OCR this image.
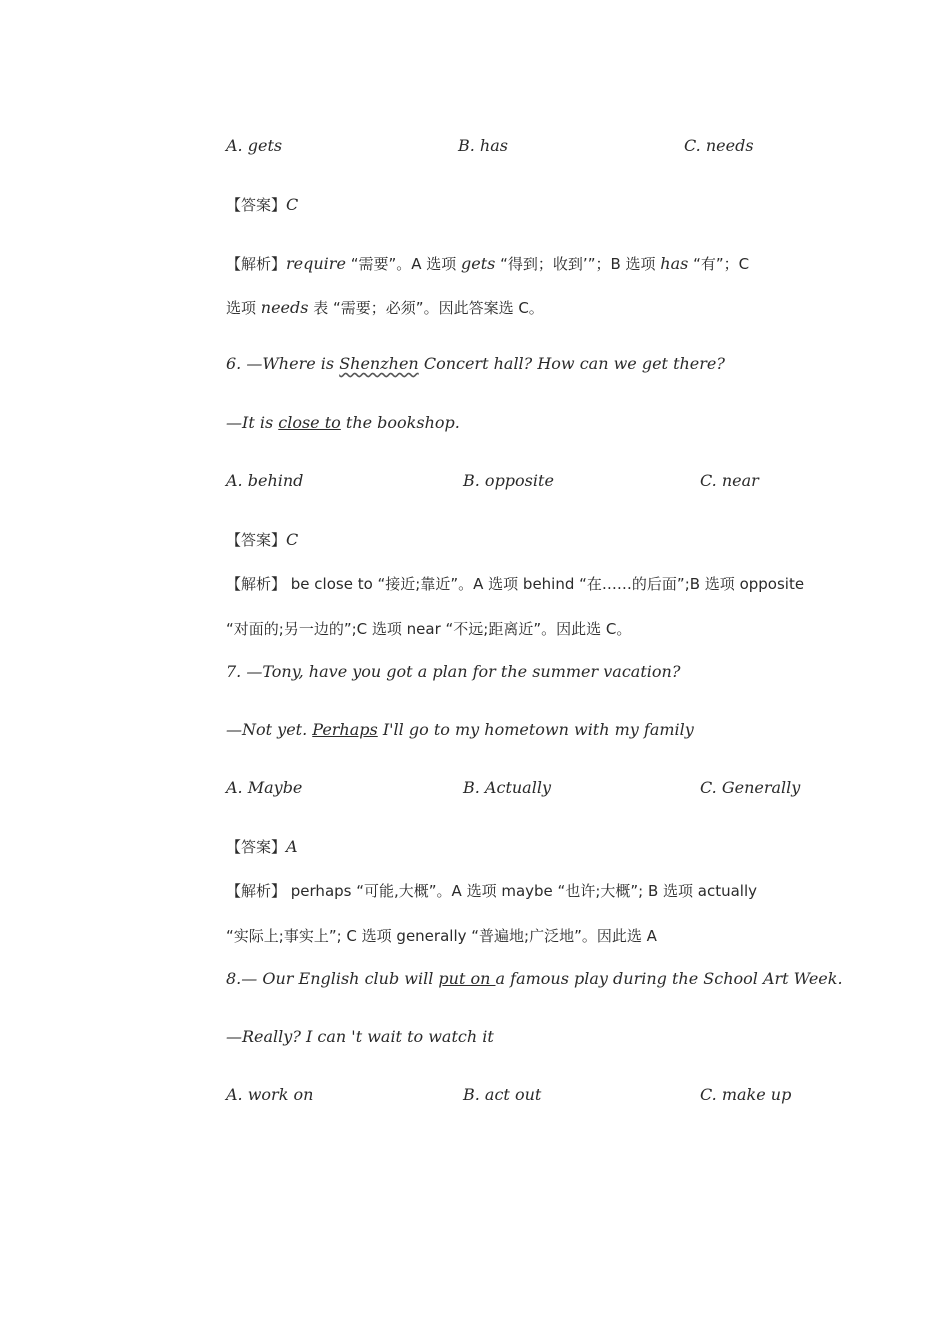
A. gets	B. has	C. needs
【答案】C
【解析】require “需要”。A 选项 gets “得到；收到’”；B 选项 has “有”；C
选项 needs 表 “需要；必须”。因此答案选 C。
6. —Where is Shenzhen Concert hall? How can we get there?
—It is close to the bookshop.
A. behind	B. opposite	C. near
【答案】C
【解析】 be close to “接近;靠近”。A 选项 behind “在……的后面”;B 选项 opposite
“对面的;另一边的”;C 选项 near “不远;距离近”。因此选 C。
7. —Tony, have you got a plan for the summer vacation?
—Not yet. Perhaps I'll go to my hometown with my family
A. Maybe	B. Actually	C. Generally
【答案】A
【解析】 perhaps “可能,大概”。A 选项 maybe “也许;大概”; B 选项 actually
“实际上;事实上”; C 选项 generally “普遍地;广泛地”。因此选 A
8.— Our English club will put on a famous play during the School Art Week.
—Really? I can 't wait to watch it
A. work on	B. act out	C. make up
